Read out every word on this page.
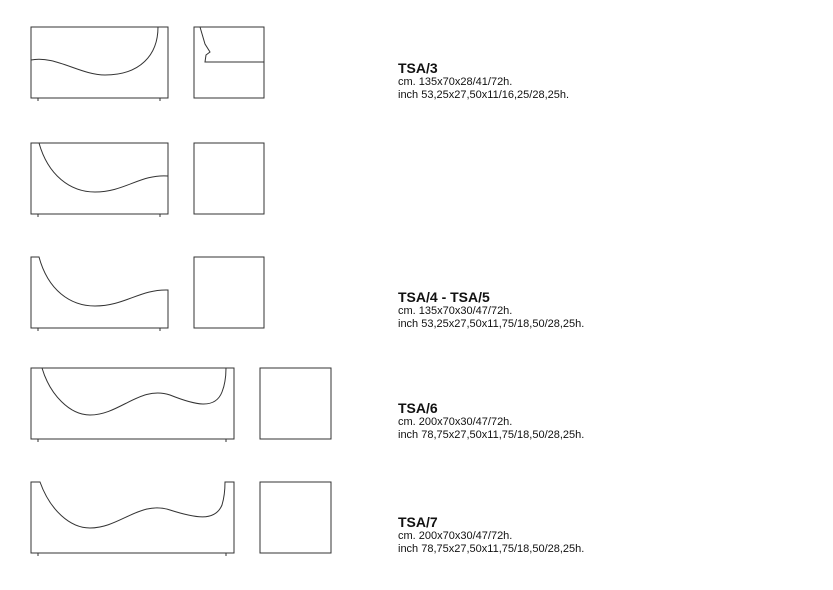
TSA/3
cm. 135x70x28/41/72h.
inch 53,25x27,50x11/16,25/28,25h.
TSA/4 - TSA/5
cm. 135x70x30/47/72h.
inch 53,25x27,50x11,75/18,50/28,25h.
TSA/6
cm. 200x70x30/47/72h.
inch 78,75x27,50x11,75/18,50/28,25h.
TSA/7
cm. 200x70x30/47/72h.
inch 78,75x27,50x11,75/18,50/28,25h.
